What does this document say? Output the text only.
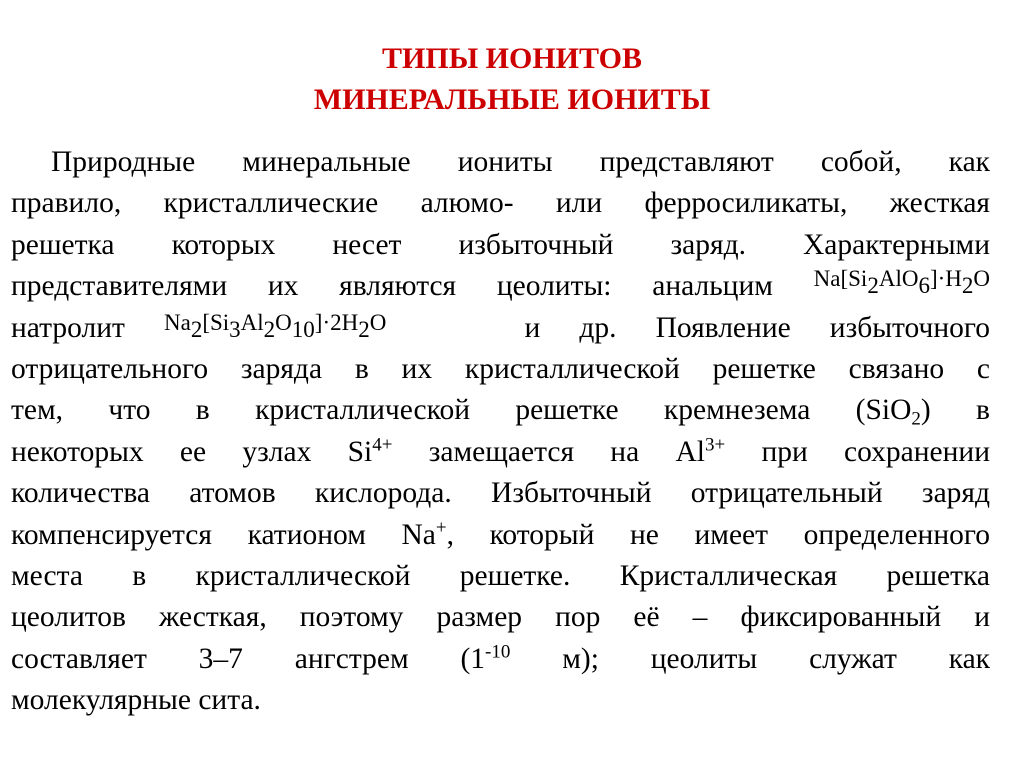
ТИПЫ ИОНИТОВ
МИНЕРАЛЬНЫЕ ИОНИТЫ
Природные минеральные иониты представляют собой, как
правило, кристаллические алюмо- или ферросиликаты, жесткая
решетка которых несет избыточный заряд. Характерными
представителями их являются цеолиты: анальцим $^{Na[Si_2AlO_6]\cdot H_2O}$
натролит $^{Na_2[Si_3Al_2O_{10}]\cdot 2H_2O}$	и др. Появление избыточного
отрицательного заряда в их кристаллической решетке связано с
тем, что в кристаллической решетке кремнезема (SiO$_2$) в
некоторых ее узлах $Si^{4+}$ замещается на $Al^{3+}$ при сохранении
количества атомов кислорода. Избыточный отрицательный заряд
компенсируется катионом Na+, который не имеет определенного
места в кристаллической решетке. Кристаллическая решетка
цеолитов жесткая, поэтому размер пор её – фиксированный и
составляет 3–7 ангстрем ($1^{-10}$ м); цеолиты служат как
молекулярные сита.
